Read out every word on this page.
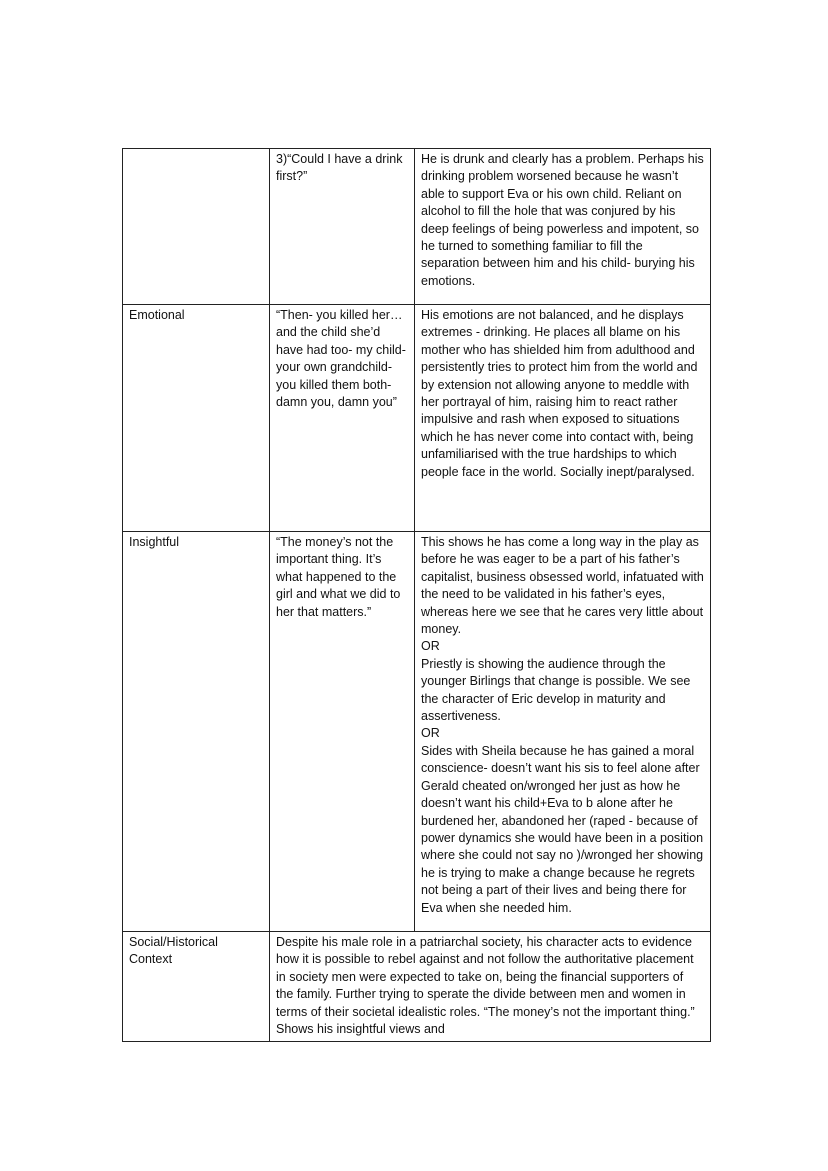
	3)“Could I have a drink first?”	He is drunk and clearly has a problem. Perhaps his drinking problem worsened because he wasn’t able to support Eva or his own child. Reliant on alcohol to fill the hole that was conjured by his deep feelings of being powerless and impotent, so he turned to something familiar to fill the separation between him and his child- burying his emotions.

Emotional	“Then- you killed her… and the child she’d have had too- my child- your own grandchild- you killed them both- damn you, damn you”	His emotions are not balanced, and he displays extremes - drinking. He places all blame on his mother who has shielded him from adulthood and persistently tries to protect him from the world and by extension not allowing anyone to meddle with her portrayal of him, raising him to react rather impulsive and rash when exposed to situations which he has never come into contact with, being unfamiliarised with the true hardships to which people face in the world. Socially inept/paralysed.

Insightful	“The money’s not the important thing. It’s what happened to the girl and what we did to her that matters.”	This shows he has come a long way in the play as before he was eager to be a part of his father’s capitalist, business obsessed world, infatuated with the need to be validated in his father’s eyes, whereas here we see that he cares very little about money.
OR
Priestly is showing the audience through the younger Birlings that change is possible. We see the character of Eric develop in maturity and assertiveness.
OR
Sides with Sheila because he has gained a moral conscience- doesn’t want his sis to feel alone after Gerald cheated on/wronged her just as how he doesn’t want his child+Eva to b alone after he burdened her, abandoned her (raped - because of power dynamics she would have been in a position where she could not say no )/wronged her showing he is trying to make a change because he regrets not being a part of their lives and being there for Eva when she needed him.

Social/Historical Context	Despite his male role in a patriarchal society, his character acts to evidence how it is possible to rebel against and not follow the authoritative placement in society men were expected to take on, being the financial supporters of the family. Further trying to sperate the divide between men and women in terms of their societal idealistic roles. “The money’s not the important thing.” Shows his insightful views and	
